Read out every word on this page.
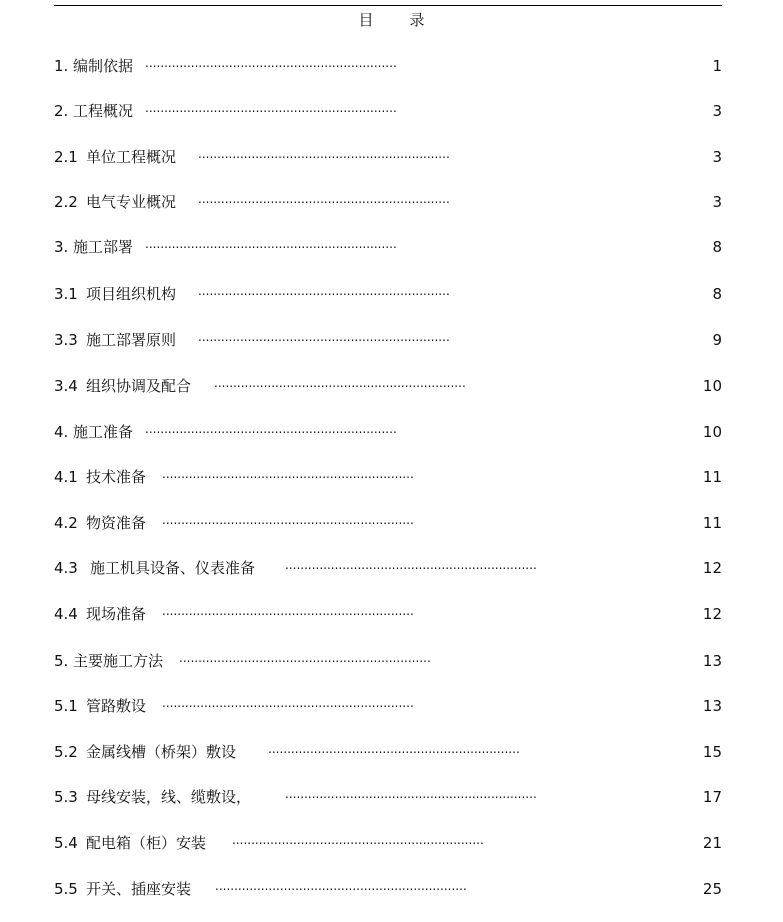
目 录
1. 编制依据 ..................................................................	1
2. 工程概况 ..................................................................	3
2.1 单位工程概况 ..................................................................	3
2.2 电气专业概况 ..................................................................	3
3. 施工部署 ..................................................................	8
3.1 项目组织机构 ..................................................................	8
3.3 施工部署原则 ..................................................................	9
3.4 组织协调及配合 ..................................................................	10
4. 施工准备 ..................................................................	10
4.1 技术准备 ..................................................................	11
4.2 物资准备 ..................................................................	11
4.3 施工机具设备、仪表准备 ..................................................................	12
4.4 现场准备 ..................................................................	12
5. 主要施工方法 ..................................................................	13
5.1 管路敷设 ..................................................................	13
5.2 金属线槽（桥架）敷设	..................................................................	15
5.3 母线安装，线、缆敷设，	..................................................................	17
5.4 配电箱（柜）安装 ..................................................................	21
5.5 开关、插座安装 ..................................................................	25
